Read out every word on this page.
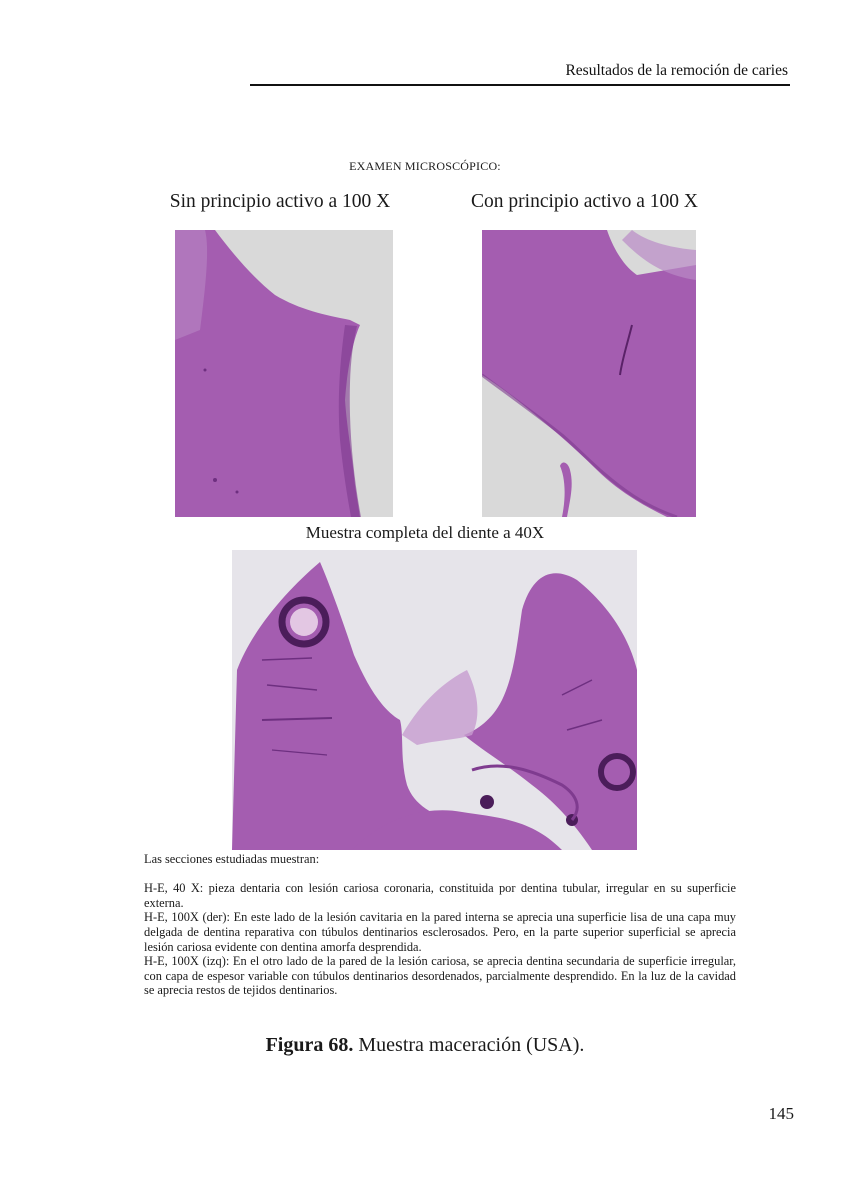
Resultados de la remoción de caries
EXAMEN MICROSCÓPICO:
Sin principio activo a 100 X	Con principio activo a 100 X
Muestra completa del diente a 40X

Las secciones estudiadas muestran:

H-E, 40 X: pieza dentaria con lesión cariosa coronaria, constituida por dentina tubular, irregular en su superficie externa.

H-E, 100X (der): En este lado de la lesión cavitaria en la pared interna se aprecia una superficie lisa de una capa muy delgada de dentina reparativa con túbulos dentinarios esclerosados. Pero, en la parte superior superficial se aprecia lesión cariosa evidente con dentina amorfa desprendida.

H-E, 100X (izq): En el otro lado de la pared de la lesión cariosa, se aprecia dentina secundaria de superficie irregular, con capa de espesor variable con túbulos dentinarios desordenados, parcialmente desprendido. En la luz de la cavidad se aprecia restos de tejidos dentinarios.

Figura 68. Muestra maceración (USA).
145
